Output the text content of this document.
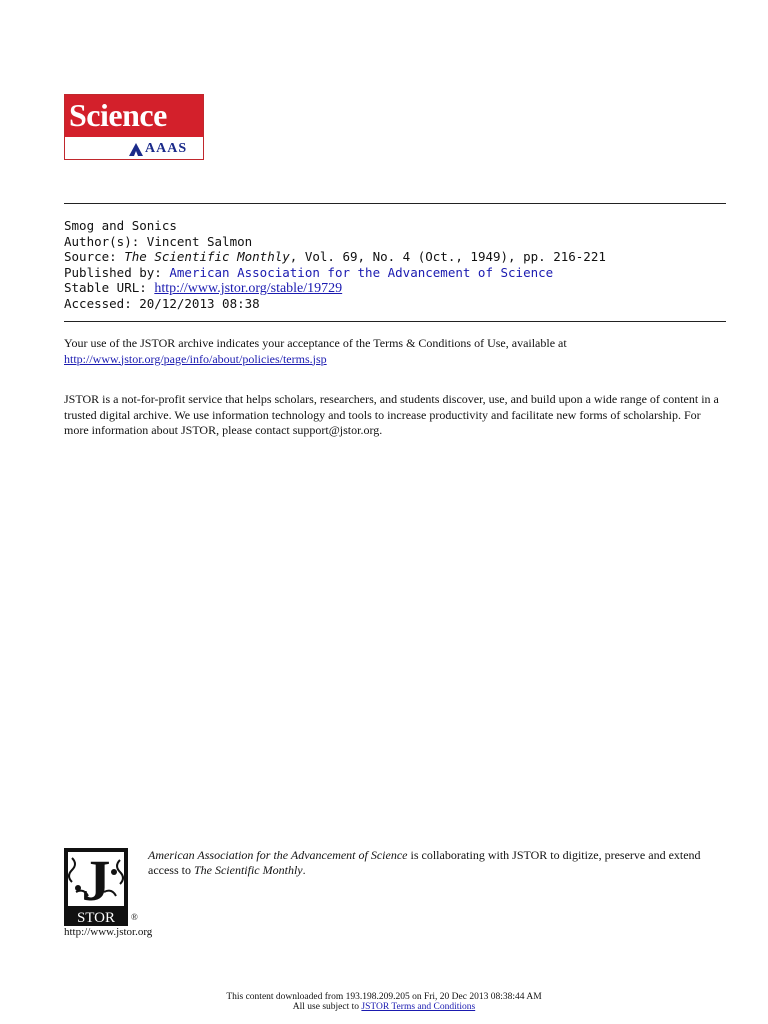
Science
AAAS
Smog and Sonics
Author(s): Vincent Salmon
Source: The Scientific Monthly, Vol. 69, No. 4 (Oct., 1949), pp. 216-221
Published by: American Association for the Advancement of Science
Stable URL: http://www.jstor.org/stable/19729
Accessed: 20/12/2013 08:38
Your use of the JSTOR archive indicates your acceptance of the Terms & Conditions of Use, available at
http://www.jstor.org/page/info/about/policies/terms.jsp
JSTOR is a not-for-profit service that helps scholars, researchers, and students discover, use, and build upon a wide range of content in a trusted digital archive. We use information technology and tools to increase productivity and facilitate new forms of scholarship. For more information about JSTOR, please contact support@jstor.org.
J
STOR ®
http://www.jstor.org
American Association for the Advancement of Science is collaborating with JSTOR to digitize, preserve and extend access to The Scientific Monthly.
This content downloaded from 193.198.209.205 on Fri, 20 Dec 2013 08:38:44 AM
All use subject to JSTOR Terms and Conditions
